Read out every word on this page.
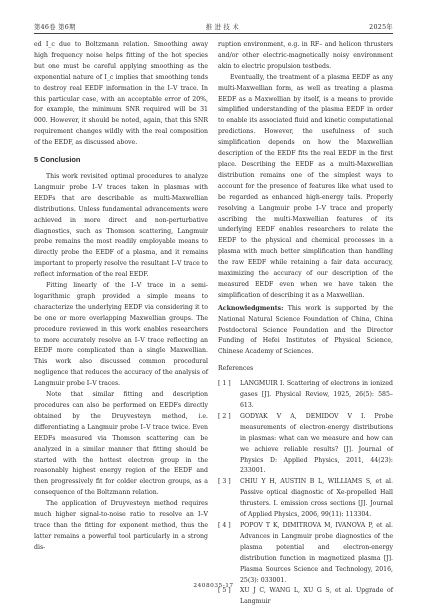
第46卷 第6期	推 进 技 术	2025年

ed I_c due to Boltzmann relation. Smoothing away high frequency noise helps fitting of the hot species but one must be careful applying smoothing as the exponential nature of I_c implies that smoothing tends to destroy real EEDF information in the I–V trace. In this particular case, with an acceptable error of 20%, for example, the minimum SNR required will be 31 000. However, it should be noted, again, that this SNR requirement changes wildly with the real composition of the EEDF, as discussed above.

5 Conclusion

This work revisited optimal procedures to analyze Langmuir probe I–V traces taken in plasmas with EEDFs that are describable as multi-Maxwellian distributions. Unless fundamental advancements were achieved in more direct and non-perturbative diagnostics, such as Thomson scattering, Langmuir probe remains the most readily employable means to directly probe the EEDF of a plasma, and it remains important to properly resolve the resultant I–V trace to reflect information of the real EEDF.

Fitting linearly of the I–V trace in a semi-logarithmic graph provided a simple means to characterize the underlying EEDF via considering it to be one or more overlapping Maxwellian groups. The procedure reviewed in this work enables researchers to more accurately resolve an I–V trace reflecting an EEDF more complicated than a single Maxwellian. This work also discussed common procedural negligence that reduces the accuracy of the analysis of Langmuir probe I–V traces.

Note that similar fitting and description procedures can also be performed on EEDFs directly obtained by the Druyvesteyn method, i.e. differentiating a Langmuir probe I–V trace twice. Even EEDFs measured via Thomson scattering can be analyzed in a similar manner that fitting should be started with the hottest electron group in the reasonably highest energy region of the EEDF and then progressively fit for colder electron groups, as a consequence of the Boltzmann relation.

The application of Druyvesteyn method requires much higher signal-to-noise ratio to resolve an I–V trace than the fitting for exponent method, thus the latter remains a powerful tool particularly in a strong dis-

ruption environment, e.g. in RF– and helicon thrusters and/or other electric-magnetically noisy environment akin to electric propulsion testbeds.

Eventually, the treatment of a plasma EEDF as any multi-Maxwellian form, as well as treating a plasma EEDF as a Maxwellian by itself, is a means to provide simplified understanding of the plasma EEDF in order to enable its associated fluid and kinetic computational predictions. However, the usefulness of such simplification depends on how the Maxwellian description of the EEDF fits the real EEDF in the first place. Describing the EEDF as a multi-Maxwellian distribution remains one of the simplest ways to account for the presence of features like what used to be regarded as enhanced high-energy tails. Properly resolving a Langmuir probe I–V trace and properly ascribing the multi-Maxwellian features of its underlying EEDF enables researchers to relate the EEDF to the physical and chemical processes in a plasma with much better simplification than handling the raw EEDF while retaining a fair data accuracy, maximizing the accuracy of our description of the measured EEDF even when we have taken the simplification of describing it as a Maxwellian.

Acknowledgments: This work is supported by the National Natural Science Foundation of China, China Postdoctoral Science Foundation and the Director Funding of Hefei Institutes of Physical Science, Chinese Academy of Sciences.

References
[ 1 ]	LANGMUIR I. Scattering of electrons in ionized gases [J]. Physical Review, 1925, 26(5): 585–613.
[ 2 ]	GODYAK V A, DEMIDOV V I. Probe measurements of electron-energy distributions in plasmas: what can we measure and how can we achieve reliable results? [J]. Journal of Physics D: Applied Physics, 2011, 44(23): 233001.
[ 3 ]	CHIU Y H, AUSTIN B L, WILLIAMS S, et al. Passive optical diagnostic of Xe-propelled Hall thrusters. I. emission cross sections [J]. Journal of Applied Physics, 2006, 99(11): 113304.
[ 4 ]	POPOV T K, DIMITROVA M, IVANOVA P, et al. Advances in Langmuir probe diagnostics of the plasma potential and electron-energy distribution function in magnetized plasma [J]. Plasma Sources Science and Technology, 2016, 25(3): 033001.
[ 5 ]	XU J C, WANG L, XU G S, et al. Upgrade of Langmuir
2408035-17
